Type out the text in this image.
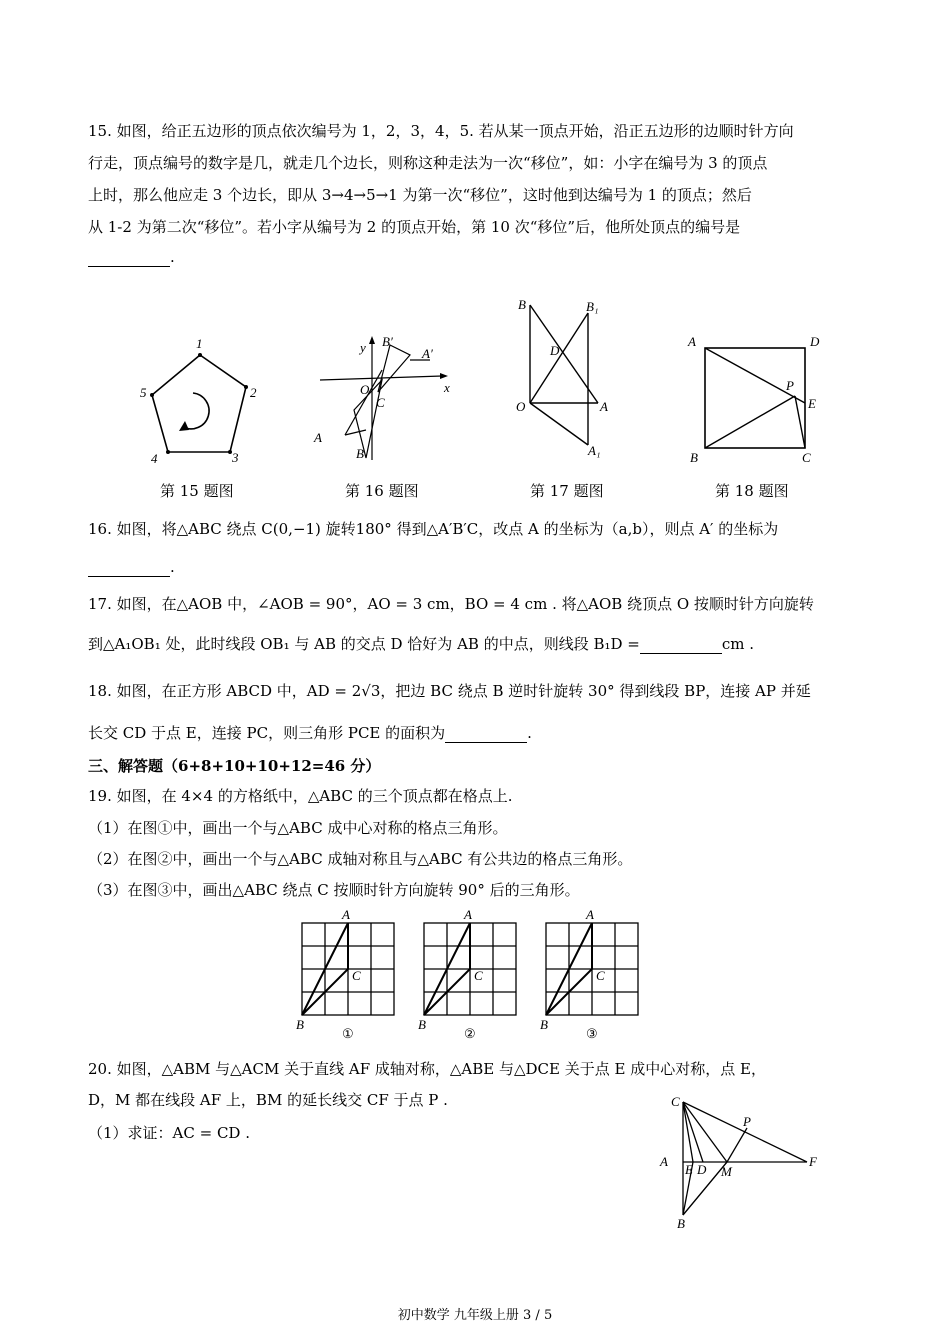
15. 如图，给正五边形的顶点依次编号为 1，2，3，4，5. 若从某一顶点开始，沿正五边形的边顺时针方向
行走，顶点编号的数字是几，就走几个边长，则称这种走法为一次“移位”，如：小字在编号为 3 的顶点
上时，那么他应走 3 个边长，即从 3→4→5→1 为第一次“移位”，这时他到达编号为 1 的顶点；然后
从 1-2 为第二次“移位”。若小字从编号为 2 的顶点开始，第 10 次“移位”后，他所处顶点的编号是
.
1
2
3
4
5
y
x
O
C
A
B
A′
B′
B	B₁
D
O	A
A₁
A	D
P
E
B	C
第 15 题图	第 16 题图	第 17 题图	第 18 题图
16. 如图，将△ABC 绕点 C(0,−1) 旋转180° 得到△A′B′C，改点 A 的坐标为（a,b），则点 A′ 的坐标为
.
17. 如图，在△AOB 中，∠AOB = 90°，AO = 3 cm，BO = 4 cm . 将△AOB 绕顶点 O 按顺时针方向旋转
到△A₁OB₁ 处，此时线段 OB₁ 与 AB 的交点 D 恰好为 AB 的中点，则线段 B₁D =	cm .
18. 如图，在正方形 ABCD 中，AD = 2√3，把边 BC 绕点 B 逆时针旋转 30° 得到线段 BP，连接 AP 并延
长交 CD 于点 E，连接 PC，则三角形 PCE 的面积为	.
三、解答题（6+8+10+10+12=46 分）
19. 如图，在 4×4 的方格纸中，△ABC 的三个顶点都在格点上.
（1）在图①中，画出一个与△ABC 成中心对称的格点三角形。
（2）在图②中，画出一个与△ABC 成轴对称且与△ABC 有公共边的格点三角形。
（3）在图③中，画出△ABC 绕点 C 按顺时针方向旋转 90° 后的三角形。
A
C
B
①
A
C
B
②
A
C
B
③
20. 如图，△ABM 与△ACM 关于直线 AF 成轴对称，△ABE 与△DCE 关于点 E 成中心对称，点 E，
D，M 都在线段 AF 上，BM 的延长线交 CF 于点 P .
（1）求证：AC = CD .
C
P
A
E D M
F
B
初中数学 九年级上册 3 / 5
